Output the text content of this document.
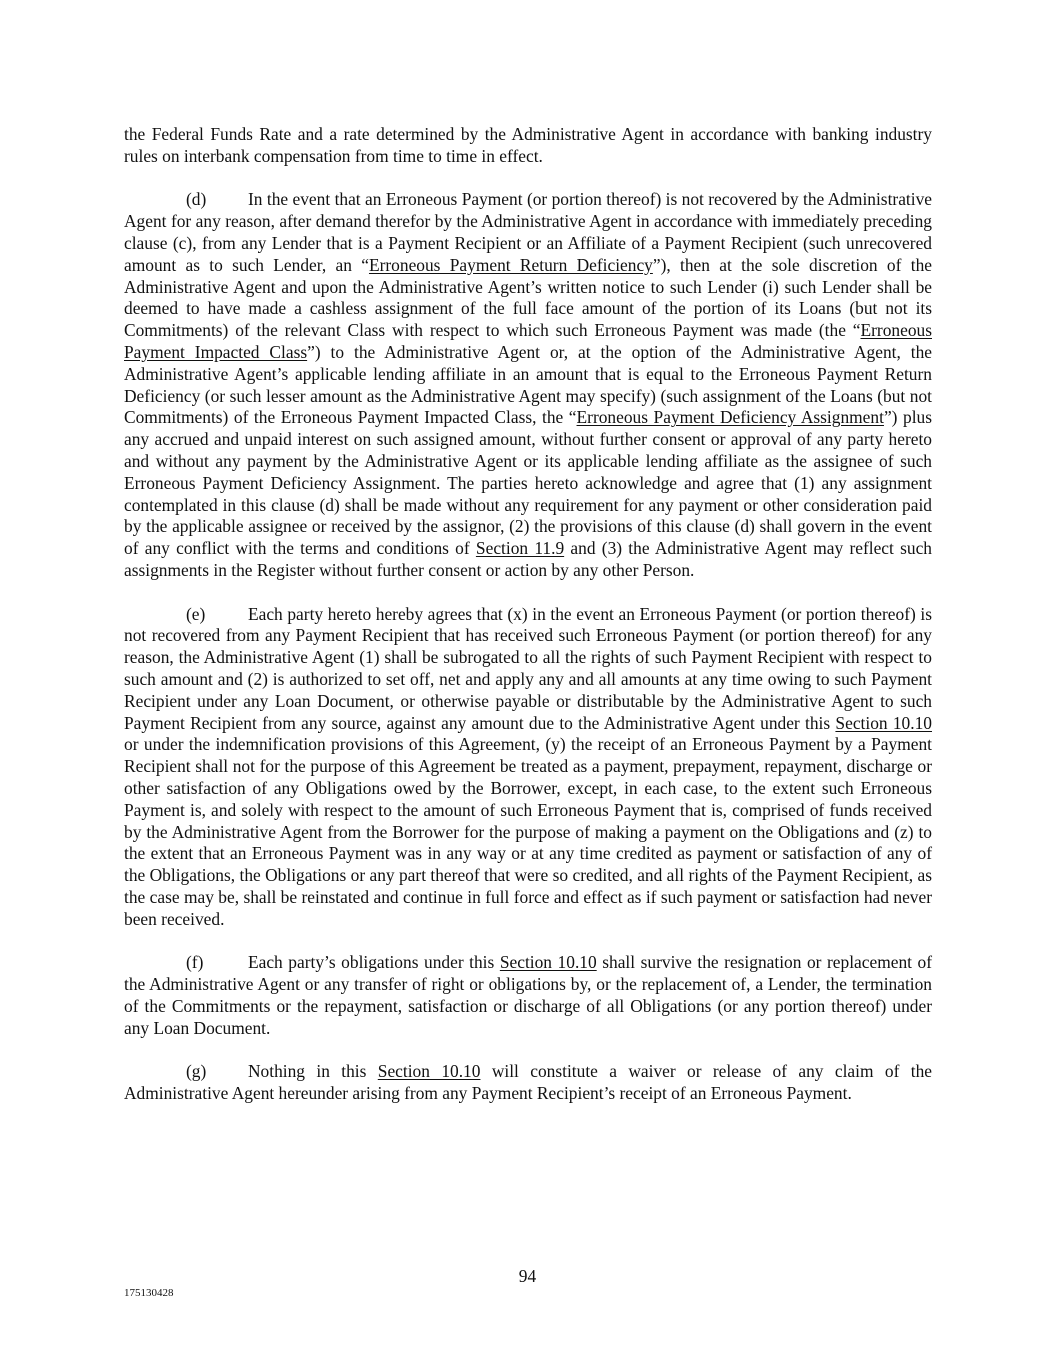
the Federal Funds Rate and a rate determined by the Administrative Agent in accordance with banking industry rules on interbank compensation from time to time in effect.

(d) In the event that an Erroneous Payment (or portion thereof) is not recovered by the Administrative Agent for any reason, after demand therefor by the Administrative Agent in accordance with immediately preceding clause (c), from any Lender that is a Payment Recipient or an Affiliate of a Payment Recipient (such unrecovered amount as to such Lender, an “Erroneous Payment Return Deficiency”), then at the sole discretion of the Administrative Agent and upon the Administrative Agent’s written notice to such Lender (i) such Lender shall be deemed to have made a cashless assignment of the full face amount of the portion of its Loans (but not its Commitments) of the relevant Class with respect to which such Erroneous Payment was made (the “Erroneous Payment Impacted Class”) to the Administrative Agent or, at the option of the Administrative Agent, the Administrative Agent’s applicable lending affiliate in an amount that is equal to the Erroneous Payment Return Deficiency (or such lesser amount as the Administrative Agent may specify) (such assignment of the Loans (but not Commitments) of the Erroneous Payment Impacted Class, the “Erroneous Payment Deficiency Assignment”) plus any accrued and unpaid interest on such assigned amount, without further consent or approval of any party hereto and without any payment by the Administrative Agent or its applicable lending affiliate as the assignee of such Erroneous Payment Deficiency Assignment. The parties hereto acknowledge and agree that (1) any assignment contemplated in this clause (d) shall be made without any requirement for any payment or other consideration paid by the applicable assignee or received by the assignor, (2) the provisions of this clause (d) shall govern in the event of any conflict with the terms and conditions of Section 11.9 and (3) the Administrative Agent may reflect such assignments in the Register without further consent or action by any other Person.

(e) Each party hereto hereby agrees that (x) in the event an Erroneous Payment (or portion thereof) is not recovered from any Payment Recipient that has received such Erroneous Payment (or portion thereof) for any reason, the Administrative Agent (1) shall be subrogated to all the rights of such Payment Recipient with respect to such amount and (2) is authorized to set off, net and apply any and all amounts at any time owing to such Payment Recipient under any Loan Document, or otherwise payable or distributable by the Administrative Agent to such Payment Recipient from any source, against any amount due to the Administrative Agent under this Section 10.10 or under the indemnification provisions of this Agreement, (y) the receipt of an Erroneous Payment by a Payment Recipient shall not for the purpose of this Agreement be treated as a payment, prepayment, repayment, discharge or other satisfaction of any Obligations owed by the Borrower, except, in each case, to the extent such Erroneous Payment is, and solely with respect to the amount of such Erroneous Payment that is, comprised of funds received by the Administrative Agent from the Borrower for the purpose of making a payment on the Obligations and (z) to the extent that an Erroneous Payment was in any way or at any time credited as payment or satisfaction of any of the Obligations, the Obligations or any part thereof that were so credited, and all rights of the Payment Recipient, as the case may be, shall be reinstated and continue in full force and effect as if such payment or satisfaction had never been received.

(f)	Each party’s obligations under this Section 10.10 shall survive the resignation or replacement of the Administrative Agent or any transfer of right or obligations by, or the replacement of, a Lender, the termination of the Commitments or the repayment, satisfaction or discharge of all Obligations (or any portion thereof) under any Loan Document.

(g) Nothing in this Section 10.10 will constitute a waiver or release of any claim of the Administrative Agent hereunder arising from any Payment Recipient’s receipt of an Erroneous Payment.

94
175130428
